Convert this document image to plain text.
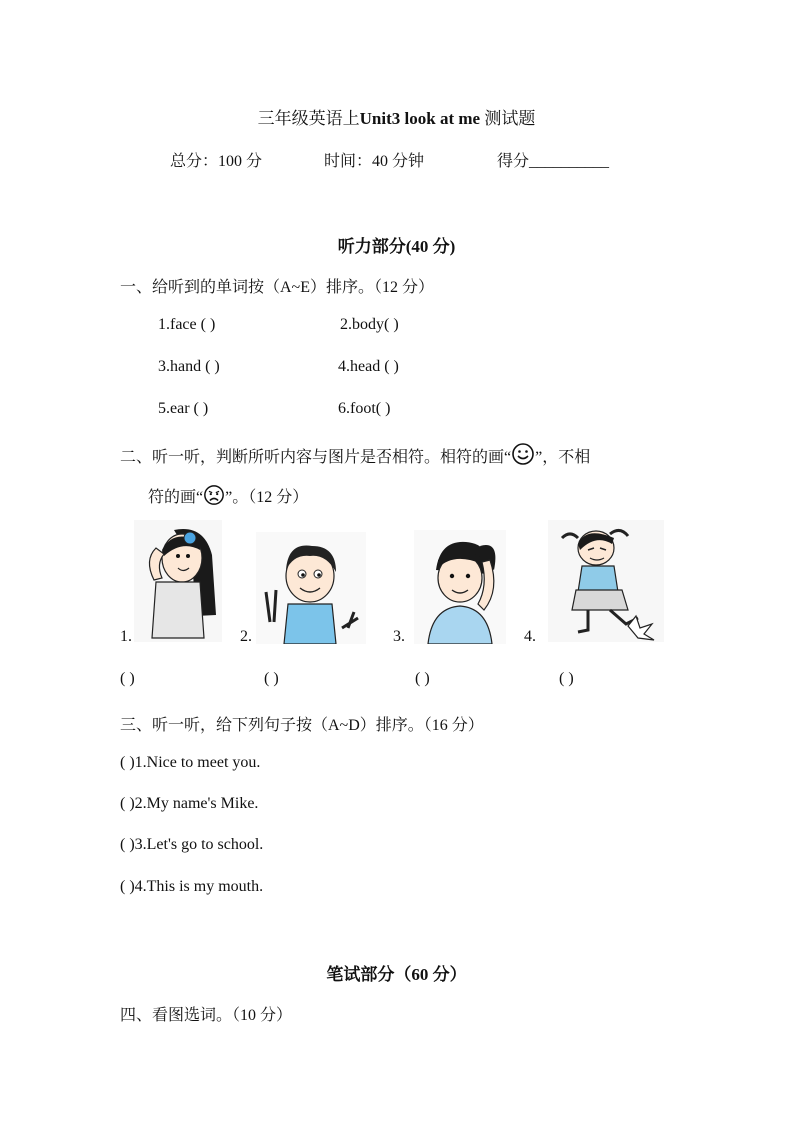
三年级英语上Unit3 look at me 测试题
总分：100 分	时间：40 分钟	得分__________
听力部分(40 分)
一、给听到的单词按（A~E）排序。（12 分）
1.face ( )	2.body( )
3.hand ( )	4.head ( )
5.ear ( )	6.foot( )
二、听一听，判断所听内容与图片是否相符。相符的画“ ”，不相
符的画“ ”。（12 分）
1.	2.	3.	4.
( )	( )	( )	( )
三、听一听，给下列句子按（A~D）排序。（16 分）
( )1.Nice to meet you.
( )2.My name's Mike.
( )3.Let's go to school.
( )4.This is my mouth.
笔试部分（60 分）
四、看图选词。（10 分）
